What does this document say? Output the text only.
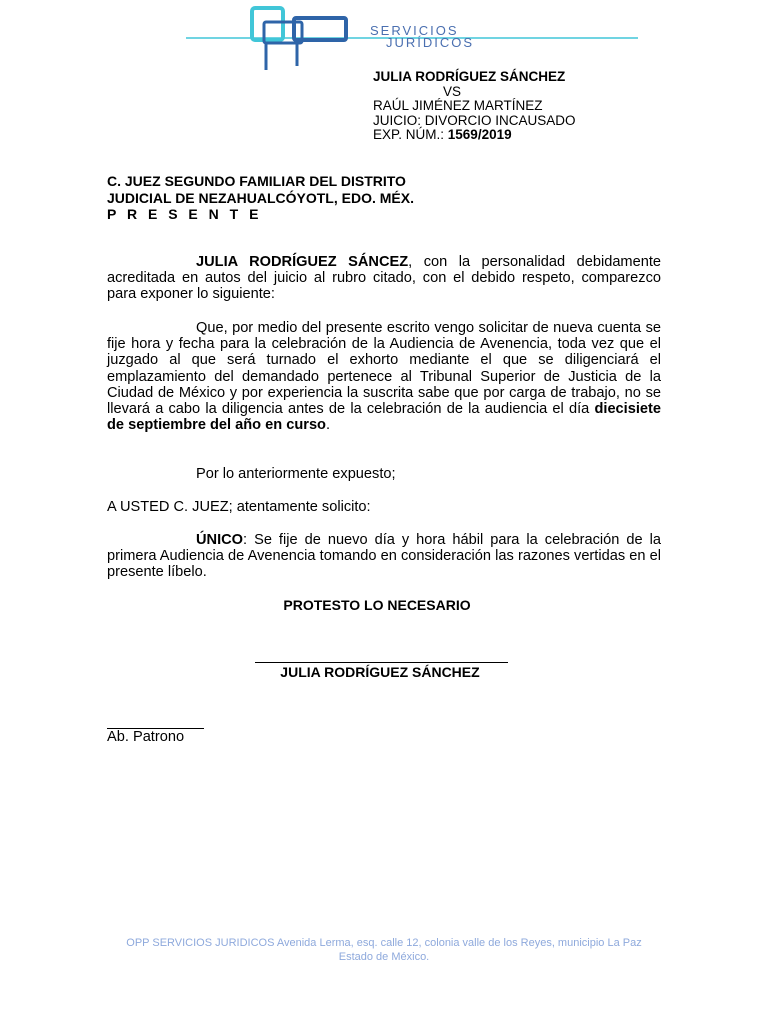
SERVICIOS
JURÍDICOS
JULIA RODRÍGUEZ SÁNCHEZ
VS
RAÚL JIMÉNEZ MARTÍNEZ
JUICIO: DIVORCIO INCAUSADO
EXP. NÚM.: 1569/2019
C. JUEZ SEGUNDO FAMILIAR DEL DISTRITO
JUDICIAL DE NEZAHUALCÓYOTL, EDO. MÉX.
P R E S E N T E
JULIA RODRÍGUEZ SÁNCEZ, con la personalidad debidamente acreditada en autos del juicio al rubro citado, con el debido respeto, comparezco para exponer lo siguiente:
Que, por medio del presente escrito vengo solicitar de nueva cuenta se fije hora y fecha para la celebración de la Audiencia de Avenencia, toda vez que el juzgado al que será turnado el exhorto mediante el que se diligenciará el emplazamiento del demandado pertenece al Tribunal Superior de Justicia de la Ciudad de México y por experiencia la suscrita sabe que por carga de trabajo, no se llevará a cabo la diligencia antes de la celebración de la audiencia el día diecisiete de septiembre del año en curso.
Por lo anteriormente expuesto;
A USTED C. JUEZ; atentamente solicito:
ÚNICO: Se fije de nuevo día y hora hábil para la celebración de la primera Audiencia de Avenencia tomando en consideración las razones vertidas en el presente líbelo.
PROTESTO LO NECESARIO
JULIA RODRÍGUEZ SÁNCHEZ
Ab. Patrono
OPP SERVICIOS JURIDICOS Avenida Lerma, esq. calle 12, colonia valle de los Reyes, municipio La Paz Estado de México.
